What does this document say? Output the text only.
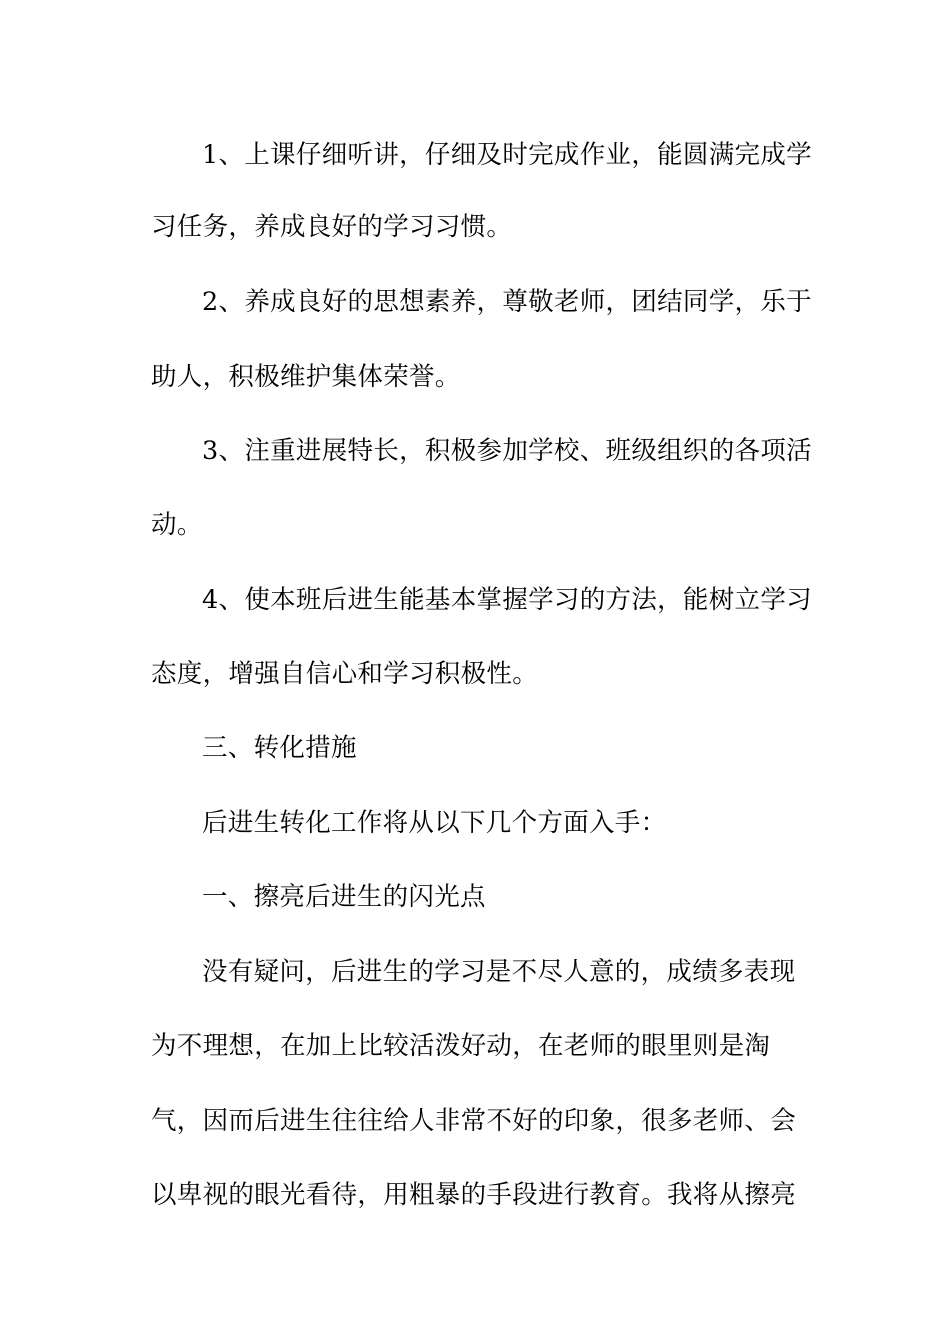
1、上课仔细听讲，仔细及时完成作业，能圆满完成学
习任务，养成良好的学习习惯。
2、养成良好的思想素养，尊敬老师，团结同学，乐于
助人，积极维护集体荣誉。
3、注重进展特长，积极参加学校、班级组织的各项活
动。
4、使本班后进生能基本掌握学习的方法，能树立学习
态度，增强自信心和学习积极性。
三、转化措施
后进生转化工作将从以下几个方面入手：
一、擦亮后进生的闪光点
没有疑问，后进生的学习是不尽人意的，成绩多表现
为不理想，在加上比较活泼好动，在老师的眼里则是淘
气，因而后进生往往给人非常不好的印象，很多老师、会
以卑视的眼光看待，用粗暴的手段进行教育。我将从擦亮
